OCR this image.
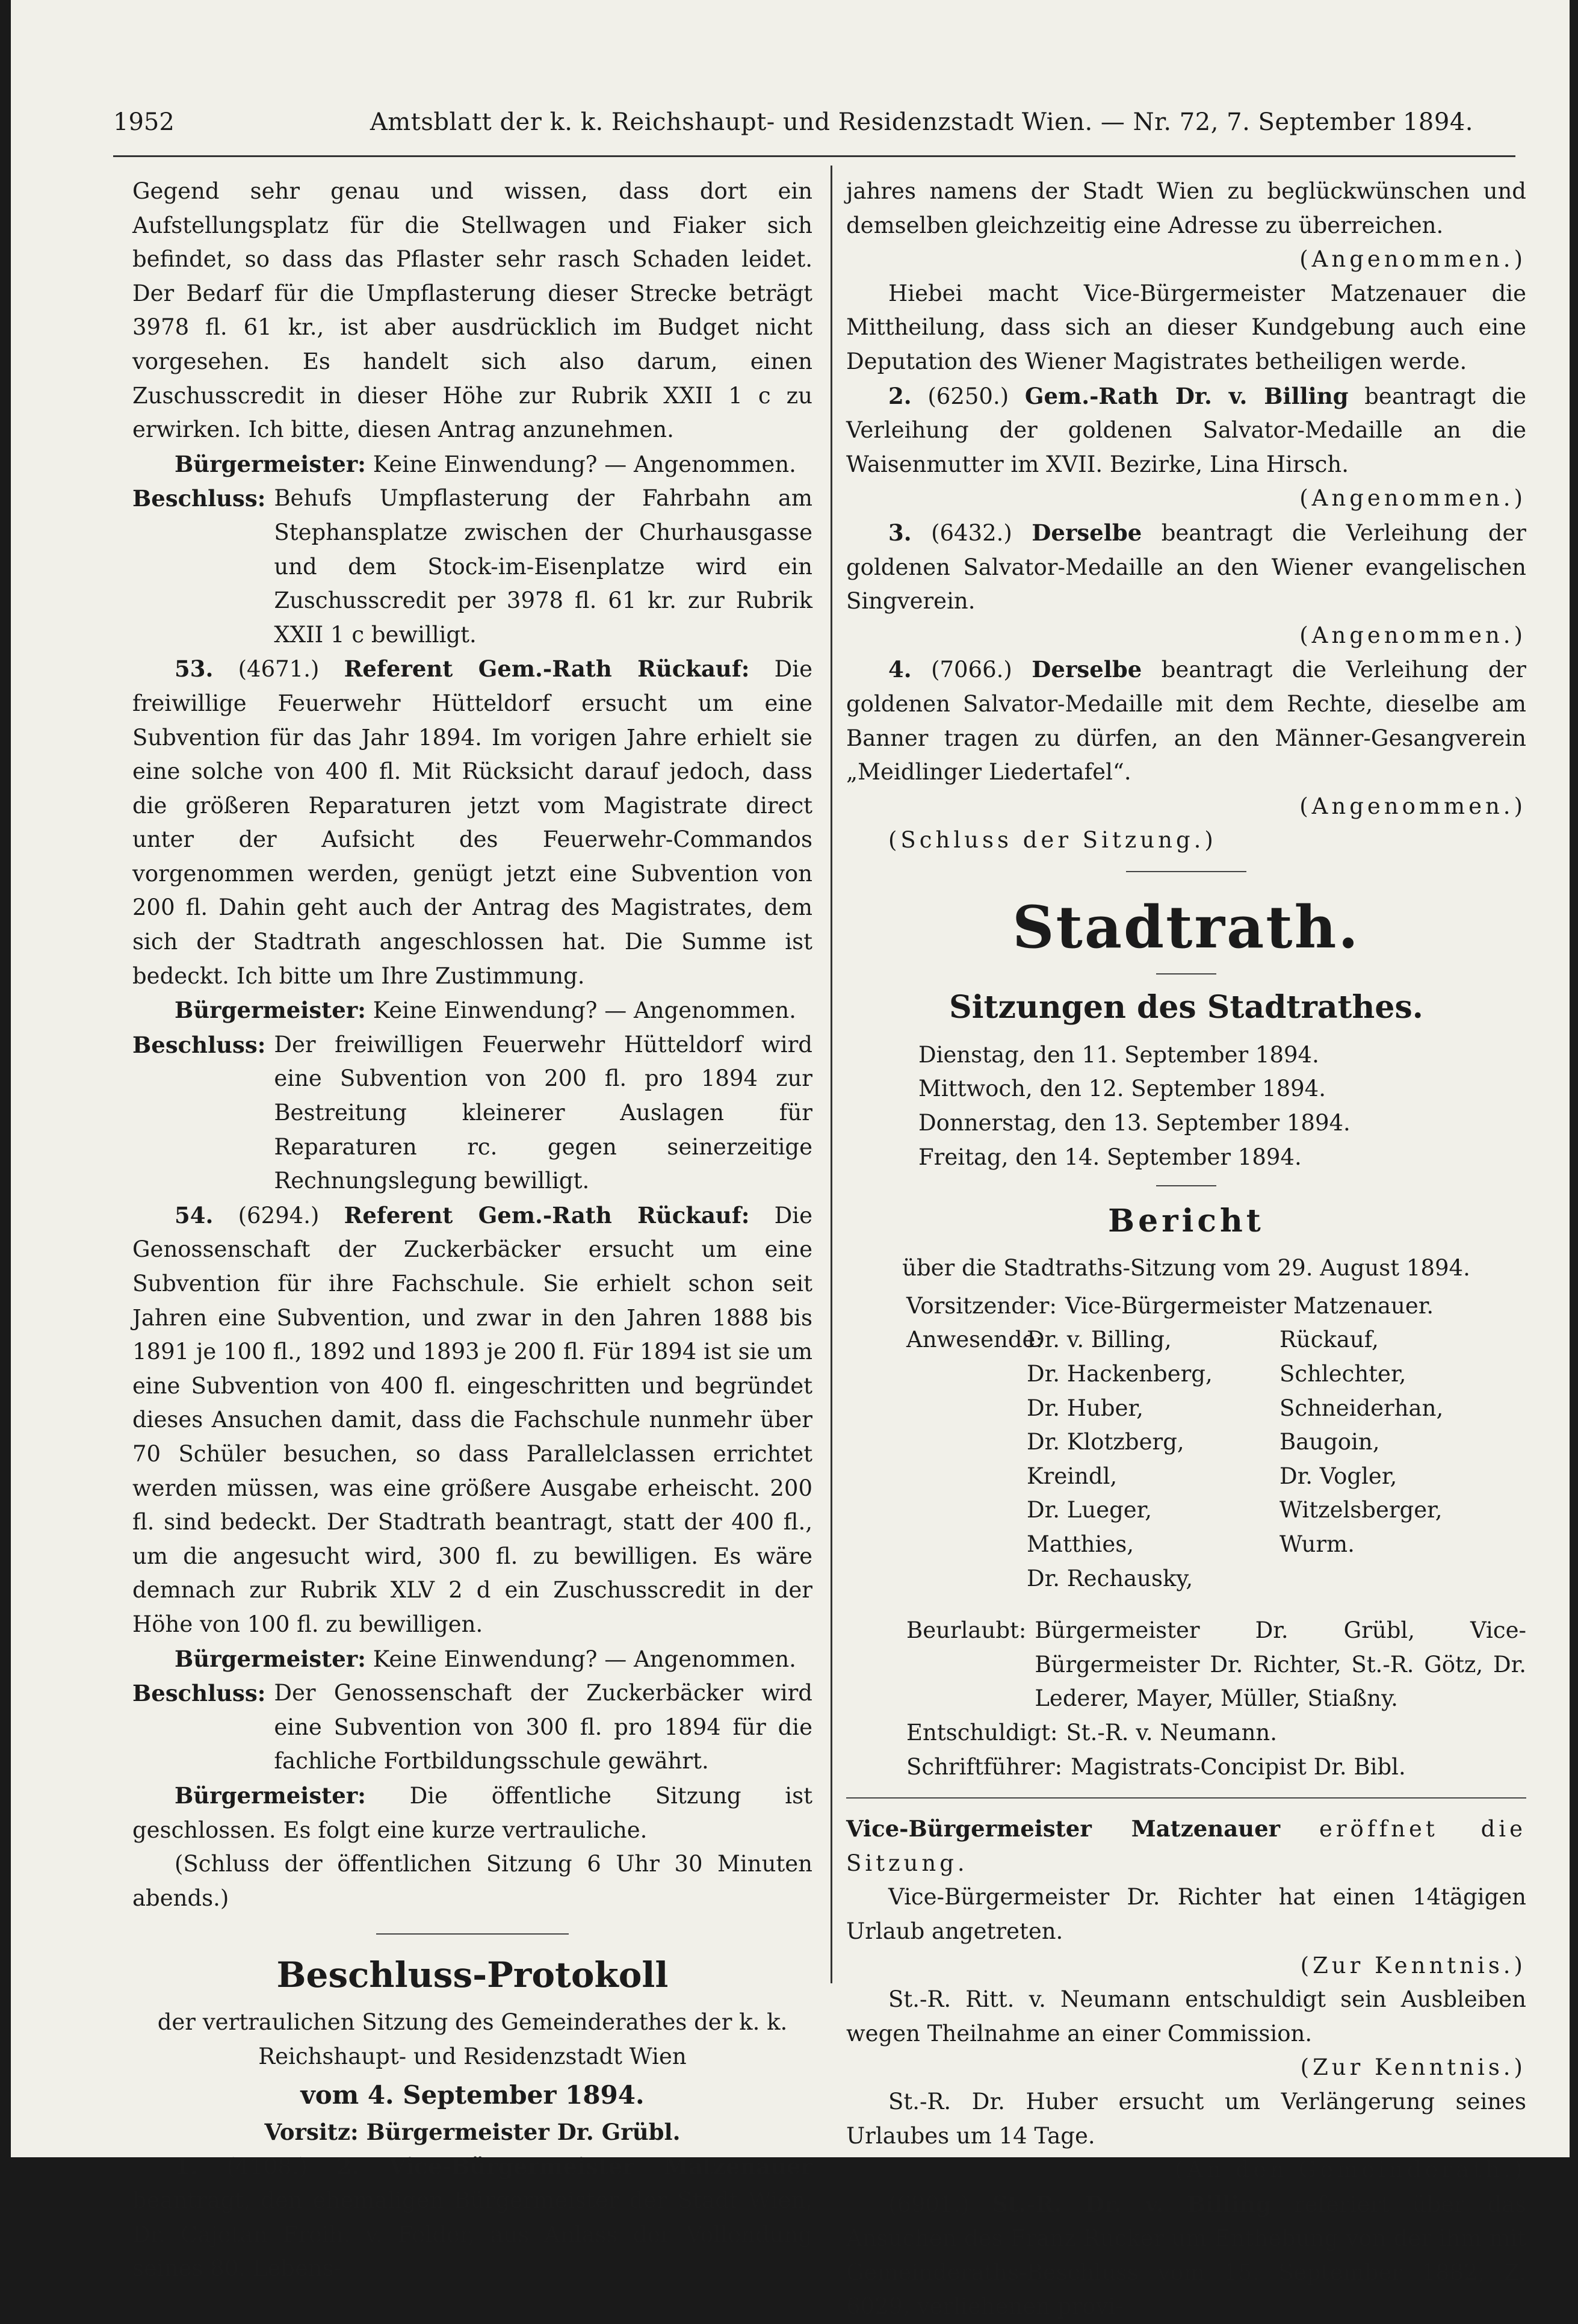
1952	Amtsblatt der k. k. Reichshaupt- und Residenzstadt Wien. — Nr. 72, 7. September 1894.

Gegend sehr genau und wissen, dass dort ein Aufstellungsplatz für die Stellwagen und Fiaker sich befindet, so dass das Pflaster sehr rasch Schaden leidet. Der Bedarf für die Umpflasterung dieser Strecke beträgt 3978 fl. 61 kr., ist aber ausdrücklich im Budget nicht vorgesehen. Es handelt sich also darum, einen Zuschusscredit in dieser Höhe zur Rubrik XXII 1 c zu erwirken. Ich bitte, diesen Antrag anzunehmen.

Bürgermeister: Keine Einwendung? — Angenommen.

Beschluss: Behufs Umpflasterung der Fahrbahn am Stephansplatze zwischen der Churhausgasse und dem Stock-im-Eisenplatze wird ein Zuschusscredit per 3978 fl. 61 kr. zur Rubrik XXII 1 c bewilligt.

53. (4671.) Referent Gem.-Rath Rückauf: Die freiwillige Feuerwehr Hütteldorf ersucht um eine Subvention für das Jahr 1894. Im vorigen Jahre erhielt sie eine solche von 400 fl. Mit Rücksicht darauf jedoch, dass die größeren Reparaturen jetzt vom Magistrate direct unter der Aufsicht des Feuerwehr-Commandos vorgenommen werden, genügt jetzt eine Subvention von 200 fl. Dahin geht auch der Antrag des Magistrates, dem sich der Stadtrath angeschlossen hat. Die Summe ist bedeckt. Ich bitte um Ihre Zustimmung.

Bürgermeister: Keine Einwendung? — Angenommen.

Beschluss: Der freiwilligen Feuerwehr Hütteldorf wird eine Subvention von 200 fl. pro 1894 zur Bestreitung kleinerer Auslagen für Reparaturen rc. gegen seinerzeitige Rechnungslegung bewilligt.

54. (6294.) Referent Gem.-Rath Rückauf: Die Genossenschaft der Zuckerbäcker ersucht um eine Subvention für ihre Fachschule. Sie erhielt schon seit Jahren eine Subvention, und zwar in den Jahren 1888 bis 1891 je 100 fl., 1892 und 1893 je 200 fl. Für 1894 ist sie um eine Subvention von 400 fl. eingeschritten und begründet dieses Ansuchen damit, dass die Fachschule nunmehr über 70 Schüler besuchen, so dass Parallelclassen errichtet werden müssen, was eine größere Ausgabe erheischt. 200 fl. sind bedeckt. Der Stadtrath beantragt, statt der 400 fl., um die angesucht wird, 300 fl. zu bewilligen. Es wäre demnach zur Rubrik XLV 2 d ein Zuschusscredit in der Höhe von 100 fl. zu bewilligen.

Bürgermeister: Keine Einwendung? — Angenommen.

Beschluss: Der Genossenschaft der Zuckerbäcker wird eine Subvention von 300 fl. pro 1894 für die fachliche Fortbildungsschule gewährt.

Bürgermeister: Die öffentliche Sitzung ist geschlossen. Es folgt eine kurze vertrauliche.

(Schluss der öffentlichen Sitzung 6 Uhr 30 Minuten abends.)

Beschluss-Protokoll

der vertraulichen Sitzung des Gemeinderathes der k. k. Reichshaupt- und Residenzstadt Wien

vom 4. September 1894.

Vorsitz: Bürgermeister Dr. Grübl.

1. (4108.) 2. Vice-Bürgermeister Matzenauer beantragt, den ehemaligen Bürgermeister der Stadt Wien, Dr. Cajetan Freih. v. Felder, aus Anlass der Vollendung seines 80. Lebens-

jahres namens der Stadt Wien zu beglückwünschen und demselben gleichzeitig eine Adresse zu überreichen.

(Angenommen.)

Hiebei macht Vice-Bürgermeister Matzenauer die Mittheilung, dass sich an dieser Kundgebung auch eine Deputation des Wiener Magistrates betheiligen werde.

2. (6250.) Gem.-Rath Dr. v. Billing beantragt die Verleihung der goldenen Salvator-Medaille an die Waisenmutter im XVII. Bezirke, Lina Hirsch.

(Angenommen.)

3. (6432.) Derselbe beantragt die Verleihung der goldenen Salvator-Medaille an den Wiener evangelischen Singverein.

(Angenommen.)

4. (7066.) Derselbe beantragt die Verleihung der goldenen Salvator-Medaille mit dem Rechte, dieselbe am Banner tragen zu dürfen, an den Männer-Gesangverein „Meidlinger Liedertafel“.

(Angenommen.)

(Schluss der Sitzung.)

Stadtrath.
Sitzungen des Stadtrathes.

Dienstag, den 11. September 1894.

Mittwoch, den 12. September 1894.

Donnerstag, den 13. September 1894.

Freitag, den 14. September 1894.

Bericht

über die Stadtraths-Sitzung vom 29. August 1894.

Vorsitzender: Vice-Bürgermeister Matzenauer.
Anwesende:
Dr. v. Billing,	Rückauf,
Dr. Hackenberg,	Schlechter,
Dr. Huber,	Schneiderhan,
Dr. Klotzberg,	Baugoin,
Kreindl,	Dr. Vogler,
Dr. Lueger,	Witzelsberger,
Matthies,	Wurm.
Dr. Rechausky,
Beurlaubt: Bürgermeister Dr. Grübl, Vice-Bürgermeister Dr. Richter, St.-R. Götz, Dr. Lederer, Mayer, Müller, Stiaßny.
Entschuldigt: St.-R. v. Neumann.
Schriftführer: Magistrats-Concipist Dr. Bibl.

Vice-Bürgermeister Matzenauer eröffnet die Sitzung.

Vice-Bürgermeister Dr. Richter hat einen 14tägigen Urlaub angetreten.

(Zur Kenntnis.)

St.-R. Ritt. v. Neumann entschuldigt sein Ausbleiben wegen Theilnahme an einer Commission.

(Zur Kenntnis.)

St.-R. Dr. Huber ersucht um Verlängerung seines Urlaubes um 14 Tage.

(An den Gemeinderath.)

(6901.) St.-R. Dr. v. Billing referiert über das Ansuchen des Franz Rucker um Enthebung von der ihm mit Gemeinderaths-Beschluss vom 15. September 1882, Z. 6029, verliehenen provi-
